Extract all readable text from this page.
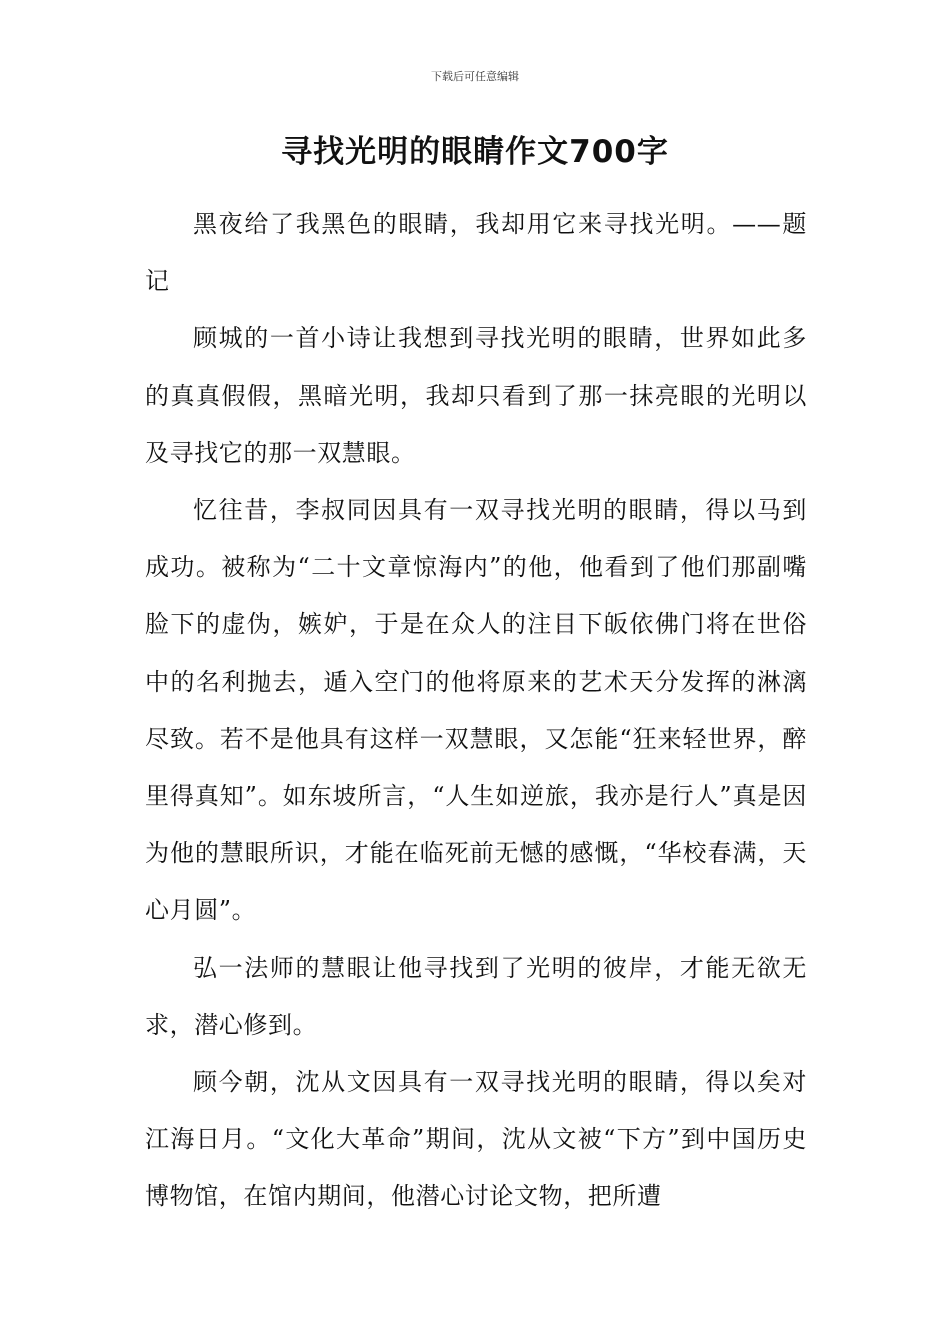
下载后可任意编辑
寻找光明的眼睛作文700字

黑夜给了我黑色的眼睛，我却用它来寻找光明。——题记

顾城的一首小诗让我想到寻找光明的眼睛，世界如此多的真真假假，黑暗光明，我却只看到了那一抹亮眼的光明以及寻找它的那一双慧眼。

忆往昔，李叔同因具有一双寻找光明的眼睛，得以马到成功。被称为“二十文章惊海内”的他，他看到了他们那副嘴脸下的虚伪，嫉妒，于是在众人的注目下皈依佛门将在世俗中的名利抛去，遁入空门的他将原来的艺术天分发挥的淋漓尽致。若不是他具有这样一双慧眼，又怎能“狂来轻世界，醉里得真知”。如东坡所言，“人生如逆旅，我亦是行人”真是因为他的慧眼所识，才能在临死前无憾的感慨，“华校春满，天心月圆”。

弘一法师的慧眼让他寻找到了光明的彼岸，才能无欲无求，潜心修到。

顾今朝，沈从文因具有一双寻找光明的眼睛，得以矣对江海日月。“文化大革命”期间，沈从文被“下方”到中国历史博物馆，在馆内期间，他潜心讨论文物，把所遭
